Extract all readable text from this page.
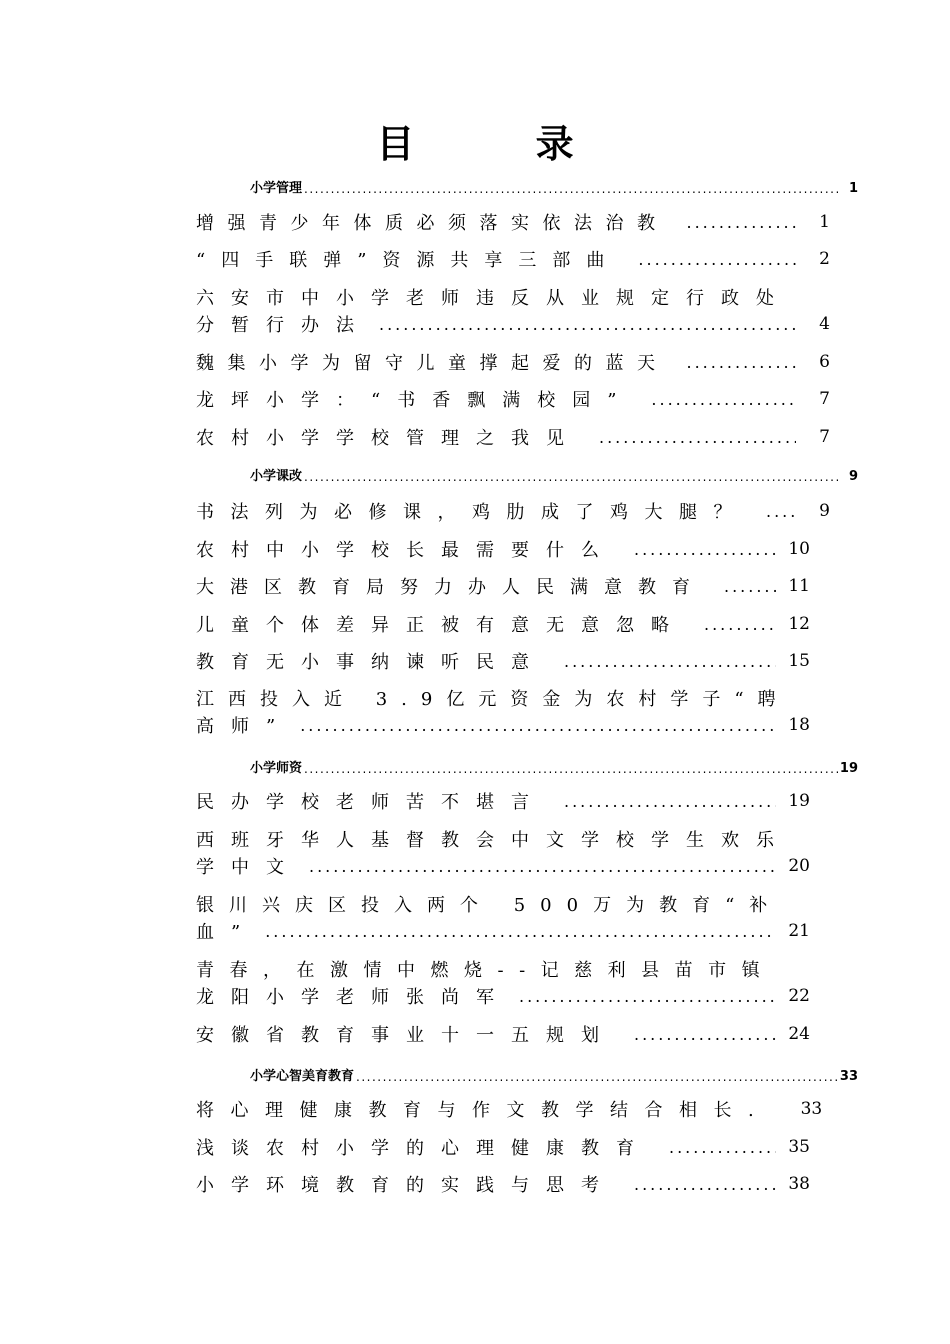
目 录
小学管理 .....	1
增强青少年体质必须落实依法治教 .....	1
“四手联弹”资源共享三部曲 .....	2
六安市中小学老师违反从业规定行政处
分暂行办法 .....	4
魏集小学为留守儿童撑起爱的蓝天 .....	6
龙坪小学：“书香飘满校园” .....	7
农村小学学校管理之我见 .....	7
小学课改 .....	9
书法列为必修课，鸡肋成了鸡大腿？ .....	9
农村中小学校长最需要什么 .....	10
大港区教育局努力办人民满意教育 .....	11
儿童个体差异正被有意无意忽略 .....	12
教育无小事纳谏听民意 .....	15
江西投入近 3.9亿元资金为农村学子“聘
高师” .....	18
小学师资 .....	19
民办学校老师苦不堪言 .....	19
西班牙华人基督教会中文学校学生欢乐
学中文 .....	20
银川兴庆区投入两个 500万为教育“补
血” .....	21
青春，在激情中燃烧--记慈利县苗市镇
龙阳小学老师张尚军 .....	22
安徽省教育事业十一五规划 .....	24
小学心智美育教育 .....	33
将心理健康教育与作文教学结合相长. 33
浅谈农村小学的心理健康教育 .....	35
小学环境教育的实践与思考 .....	38
